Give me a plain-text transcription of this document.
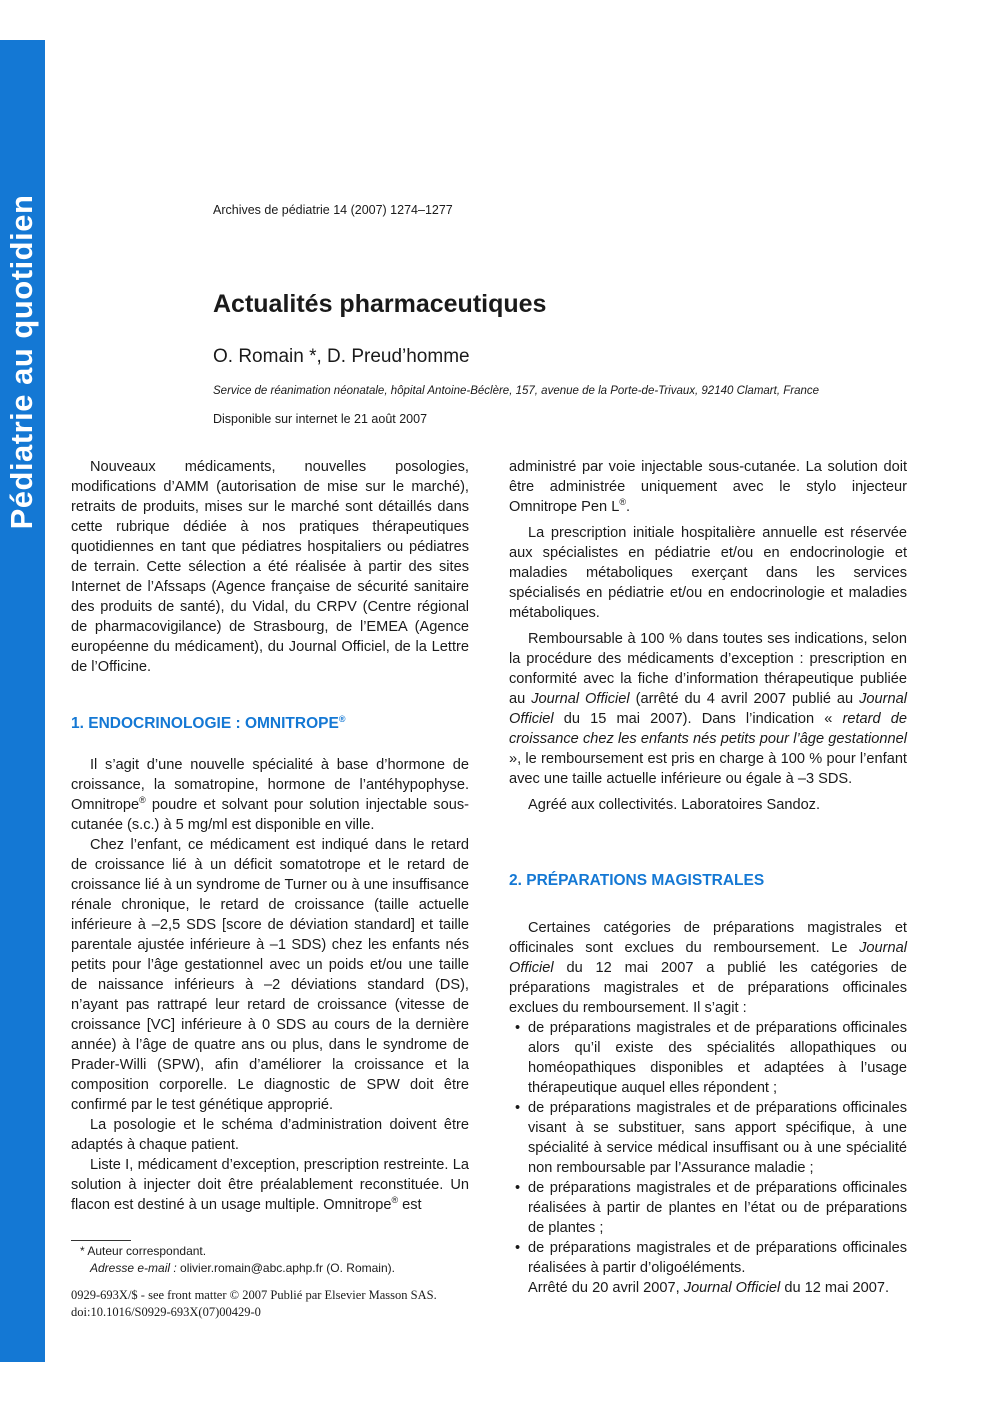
Pédiatrie au quotidien	Archives de pédiatrie 14 (2007) 1274–1277
Actualités pharmaceutiques
O. Romain *, D. Preud’homme
Service de réanimation néonatale, hôpital Antoine-Béclère, 157, avenue de la Porte-de-Trivaux, 92140 Clamart, France
Disponible sur internet le 21 août 2007

Nouveaux médicaments, nouvelles posologies, modifications d’AMM (autorisation de mise sur le marché), retraits de produits, mises sur le marché sont détaillés dans cette rubrique dédiée à nos pratiques thérapeutiques quotidiennes en tant que pédiatres hospitaliers ou pédiatres de terrain. Cette sélection a été réalisée à partir des sites Internet de l’Afssaps (Agence française de sécurité sanitaire des produits de santé), du Vidal, du CRPV (Centre régional de pharmacovigilance) de Strasbourg, de l’EMEA (Agence européenne du médicament), du Journal Officiel, de la Lettre de l’Officine.

1. ENDOCRINOLOGIE : OMNITROPE®

Il s’agit d’une nouvelle spécialité à base d’hormone de croissance, la somatropine, hormone de l’antéhypophyse. Omnitrope® poudre et solvant pour solution injectable sous-cutanée (s.c.) à 5 mg/ml est disponible en ville.

Chez l’enfant, ce médicament est indiqué dans le retard de croissance lié à un déficit somatotrope et le retard de croissance lié à un syndrome de Turner ou à une insuffisance rénale chronique, le retard de croissance (taille actuelle inférieure à –2,5 SDS [score de déviation standard] et taille parentale ajustée inférieure à –1 SDS) chez les enfants nés petits pour l’âge gestationnel avec un poids et/ou une taille de naissance inférieurs à –2 déviations standard (DS), n’ayant pas rattrapé leur retard de croissance (vitesse de croissance [VC] inférieure à 0 SDS au cours de la dernière année) à l’âge de quatre ans ou plus, dans le syndrome de Prader-Willi (SPW), afin d’améliorer la croissance et la composition corporelle. Le diagnostic de SPW doit être confirmé par le test génétique approprié.

La posologie et le schéma d’administration doivent être adaptés à chaque patient.

Liste I, médicament d’exception, prescription restreinte. La solution à injecter doit être préalablement reconstituée. Un flacon est destiné à un usage multiple. Omnitrope® est

administré par voie injectable sous-cutanée. La solution doit être administrée uniquement avec le stylo injecteur Omnitrope Pen L®.

La prescription initiale hospitalière annuelle est réservée aux spécialistes en pédiatrie et/ou en endocrinologie et maladies métaboliques exerçant dans les services spécialisés en pédiatrie et/ou en endocrinologie et maladies métaboliques.

Remboursable à 100 % dans toutes ses indications, selon la procédure des médicaments d’exception : prescription en conformité avec la fiche d’information thérapeutique publiée au Journal Officiel (arrêté du 4 avril 2007 publié au Journal Officiel du 15 mai 2007). Dans l’indication « retard de croissance chez les enfants nés petits pour l’âge gestationnel », le remboursement est pris en charge à 100 % pour l’enfant avec une taille actuelle inférieure ou égale à –3 SDS.

Agréé aux collectivités. Laboratoires Sandoz.

2. PRÉPARATIONS MAGISTRALES

Certaines catégories de préparations magistrales et officinales sont exclues du remboursement. Le Journal Officiel du 12 mai 2007 a publié les catégories de préparations magistrales et de préparations officinales exclues du remboursement. Il s’agit :

• de préparations magistrales et de préparations officinales alors qu’il existe des spécialités allopathiques ou homéopathiques disponibles et adaptées à l’usage thérapeutique auquel elles répondent ;
• de préparations magistrales et de préparations officinales visant à se substituer, sans apport spécifique, à une spécialité à service médical insuffisant ou à une spécialité non remboursable par l’Assurance maladie ;
• de préparations magistrales et de préparations officinales réalisées à partir de plantes en l’état ou de préparations de plantes ;
• de préparations magistrales et de préparations officinales réalisées à partir d’oligoéléments.

Arrêté du 20 avril 2007, Journal Officiel du 12 mai 2007.

* Auteur correspondant.
Adresse e-mail : olivier.romain@abc.aphp.fr (O. Romain).
0929-693X/$ - see front matter © 2007 Publié par Elsevier Masson SAS.
doi:10.1016/S0929-693X(07)00429-0
